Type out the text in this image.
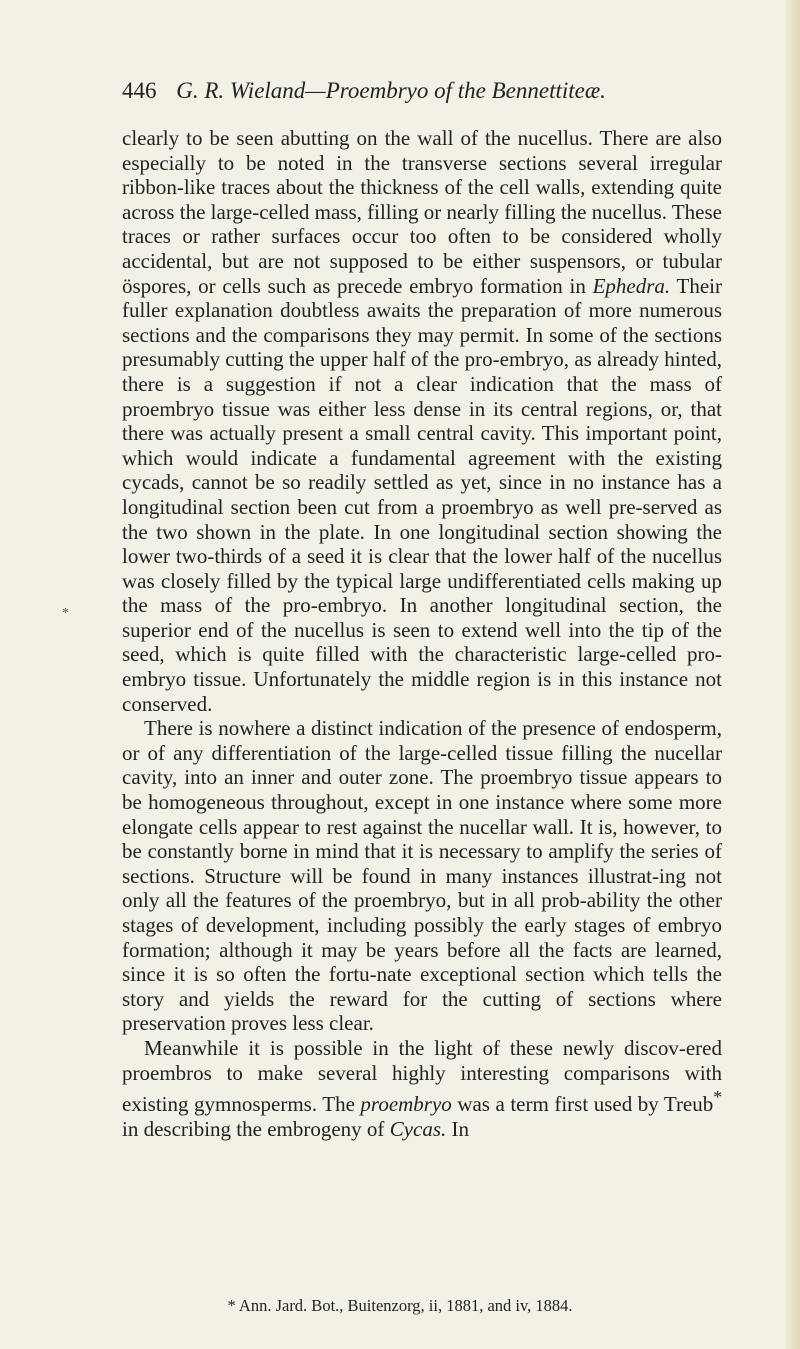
446 G. R. Wieland—Proembryo of the Bennettiteæ.
*

clearly to be seen abutting on the wall of the nucellus. There are also especially to be noted in the transverse sections several irregular ribbon-like traces about the thickness of the cell walls, extending quite across the large-celled mass, filling or nearly filling the nucellus. These traces or rather surfaces occur too often to be considered wholly accidental, but are not supposed to be either suspensors, or tubular öspores, or cells such as precede embryo formation in Ephedra. Their fuller explanation doubtless awaits the preparation of more numerous sections and the comparisons they may permit. In some of the sections presumably cutting the upper half of the pro-embryo, as already hinted, there is a suggestion if not a clear indication that the mass of proembryo tissue was either less dense in its central regions, or, that there was actually present a small central cavity. This important point, which would indicate a fundamental agreement with the existing cycads, cannot be so readily settled as yet, since in no instance has a longitudinal section been cut from a proembryo as well pre-served as the two shown in the plate. In one longitudinal section showing the lower two-thirds of a seed it is clear that the lower half of the nucellus was closely filled by the typical large undifferentiated cells making up the mass of the pro-embryo. In another longitudinal section, the superior end of the nucellus is seen to extend well into the tip of the seed, which is quite filled with the characteristic large-celled pro-embryo tissue. Unfortunately the middle region is in this instance not conserved.

There is nowhere a distinct indication of the presence of endosperm, or of any differentiation of the large-celled tissue filling the nucellar cavity, into an inner and outer zone. The proembryo tissue appears to be homogeneous throughout, except in one instance where some more elongate cells appear to rest against the nucellar wall. It is, however, to be constantly borne in mind that it is necessary to amplify the series of sections. Structure will be found in many instances illustrat-ing not only all the features of the proembryo, but in all prob-ability the other stages of development, including possibly the early stages of embryo formation; although it may be years before all the facts are learned, since it is so often the fortu-nate exceptional section which tells the story and yields the reward for the cutting of sections where preservation proves less clear.

Meanwhile it is possible in the light of these newly discov-ered proembros to make several highly interesting comparisons with existing gymnosperms. The proembryo was a term first used by Treub* in describing the embrogeny of Cycas. In

* Ann. Jard. Bot., Buitenzorg, ii, 1881, and iv, 1884.
